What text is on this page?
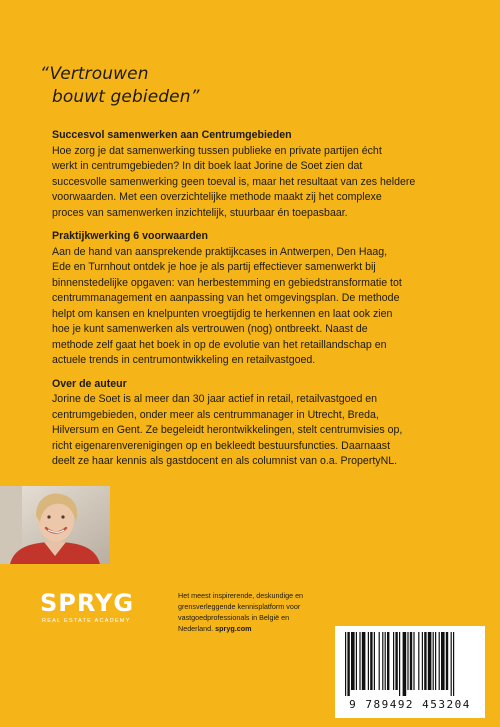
“Vertrouwen
bouwt gebieden”

Succesvol samenwerken aan Centrumgebieden

Hoe zorg je dat samenwerking tussen publieke en private partijen écht
werkt in centrumgebieden? In dit boek laat Jorine de Soet zien dat
succesvolle samenwerking geen toeval is, maar het resultaat van zes heldere
voorwaarden. Met een overzichtelijke methode maakt zij het complexe
proces van samenwerken inzichtelijk, stuurbaar én toepasbaar.

Praktijkwerking 6 voorwaarden

Aan de hand van aansprekende praktijkcases in Antwerpen, Den Haag,
Ede en Turnhout ontdek je hoe je als partij effectiever samenwerkt bij
binnenstedelijke opgaven: van herbestemming en gebiedstransformatie tot
centrummanagement en aanpassing van het omgevingsplan. De methode
helpt om kansen en knelpunten vroegtijdig te herkennen en laat ook zien
hoe je kunt samenwerken als vertrouwen (nog) ontbreekt. Naast de
methode zelf gaat het boek in op de evolutie van het retaillandschap en
actuele trends in centrumontwikkeling en retailvastgoed.

Over de auteur

Jorine de Soet is al meer dan 30 jaar actief in retail, retailvastgoed en
centrumgebieden, onder meer als centrummanager in Utrecht, Breda,
Hilversum en Gent. Ze begeleidt herontwikkelingen, stelt centrumvisies op,
richt eigenarenverenigingen op en bekleedt bestuursfuncties. Daarnaast
deelt ze haar kennis als gastdocent en als columnist van o.a. PropertyNL.

SPRYG
REAL ESTATE ACADEMY
Het meest inspirerende, deskundige en grensverleggende kennisplatform voor vastgoedprofessionals in België en Nederland. spryg.com
9 789492 453204
